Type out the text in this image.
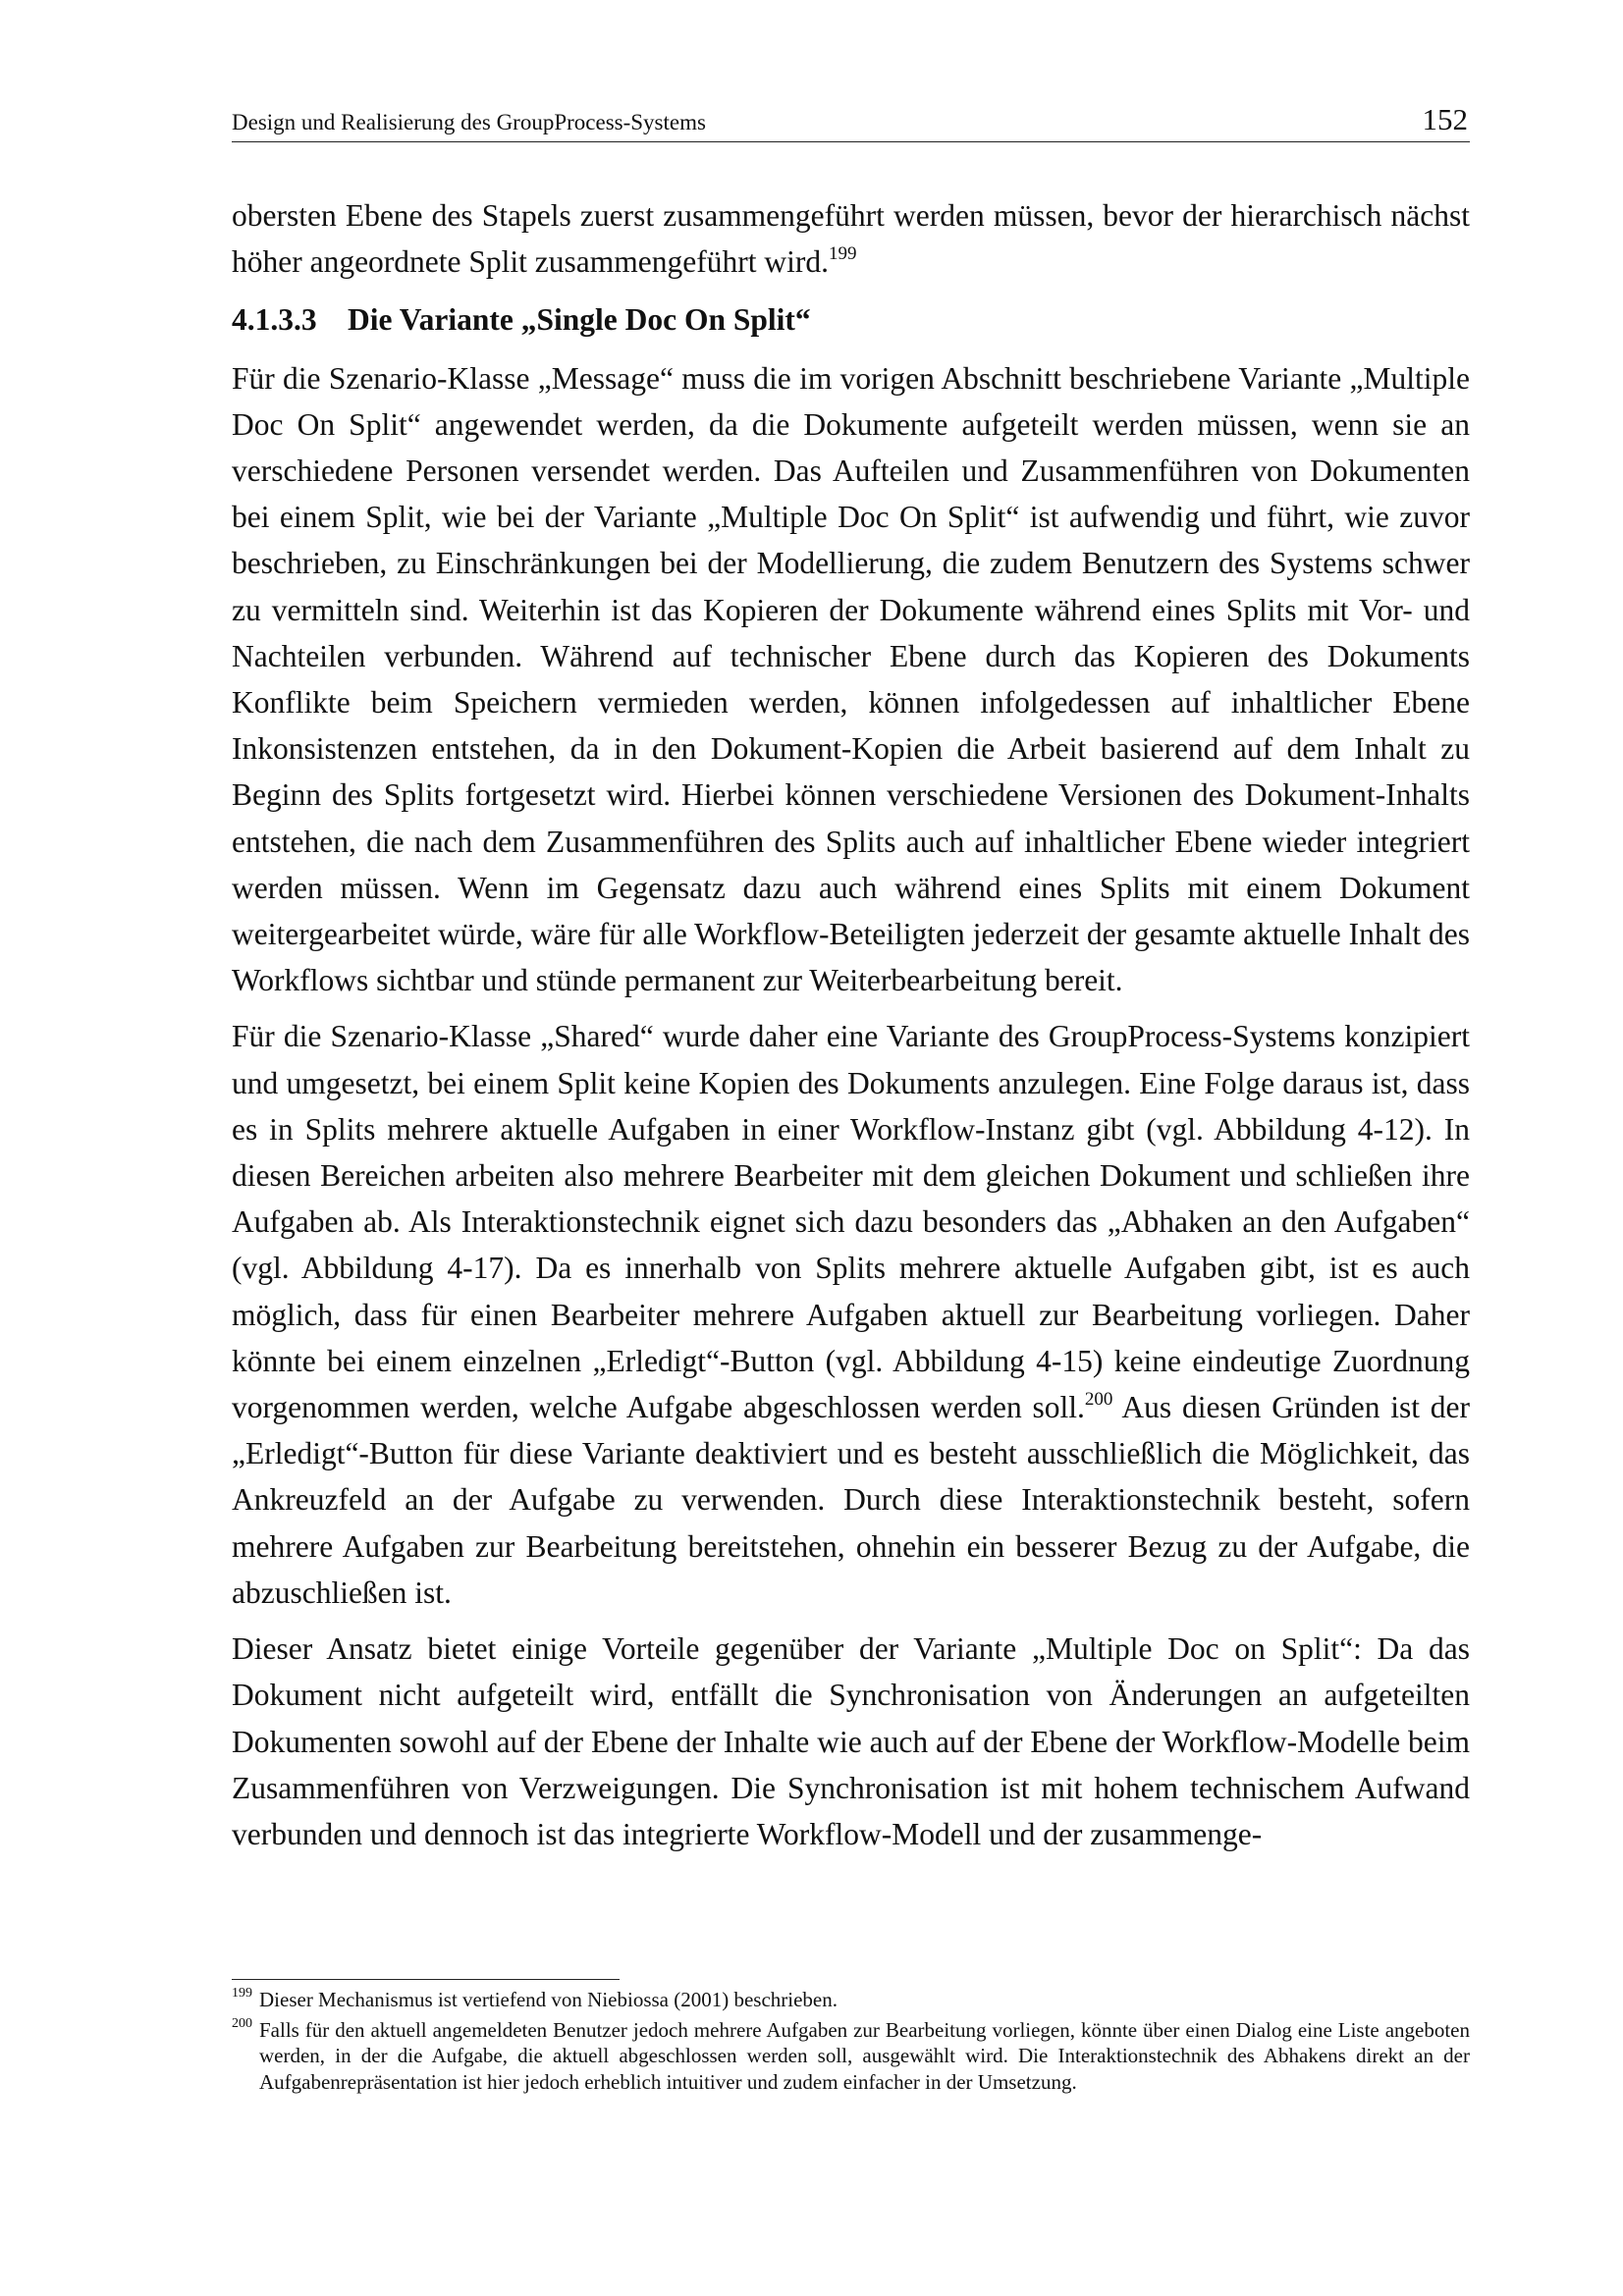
Design und Realisierung des GroupProcess-Systems	152

obersten Ebene des Stapels zuerst zusammengeführt werden müssen, bevor der hierarchisch nächst höher angeordnete Split zusammengeführt wird.$^{199}$

4.1.3.3 Die Variante „Single Doc On Split“

Für die Szenario-Klasse „Message“ muss die im vorigen Abschnitt beschriebene Variante „Multiple Doc On Split“ angewendet werden, da die Dokumente aufgeteilt werden müssen, wenn sie an verschiedene Personen versendet werden. Das Aufteilen und Zusammenführen von Dokumenten bei einem Split, wie bei der Variante „Multiple Doc On Split“ ist aufwendig und führt, wie zuvor beschrieben, zu Einschränkungen bei der Modellierung, die zudem Benutzern des Systems schwer zu vermitteln sind. Weiterhin ist das Kopieren der Dokumente während eines Splits mit Vor- und Nachteilen verbunden. Während auf technischer Ebene durch das Kopieren des Dokuments Konflikte beim Speichern vermieden werden, können infolgedessen auf inhaltlicher Ebene Inkonsistenzen entstehen, da in den Dokument-Kopien die Arbeit basierend auf dem Inhalt zu Beginn des Splits fortgesetzt wird. Hierbei können verschiedene Versionen des Dokument-Inhalts entstehen, die nach dem Zusammenführen des Splits auch auf inhaltlicher Ebene wieder integriert werden müssen. Wenn im Gegensatz dazu auch während eines Splits mit einem Dokument weitergearbeitet würde, wäre für alle Workflow-Beteiligten jederzeit der gesamte aktuelle Inhalt des Workflows sichtbar und stünde permanent zur Weiterbearbeitung bereit.

Für die Szenario-Klasse „Shared“ wurde daher eine Variante des GroupProcess-Systems konzipiert und umgesetzt, bei einem Split keine Kopien des Dokuments anzulegen. Eine Folge daraus ist, dass es in Splits mehrere aktuelle Aufgaben in einer Workflow-Instanz gibt (vgl. Abbildung 4-12). In diesen Bereichen arbeiten also mehrere Bearbeiter mit dem gleichen Dokument und schließen ihre Aufgaben ab. Als Interaktionstechnik eignet sich dazu besonders das „Abhaken an den Aufgaben“ (vgl. Abbildung 4-17). Da es innerhalb von Splits mehrere aktuelle Aufgaben gibt, ist es auch möglich, dass für einen Bearbeiter mehrere Aufgaben aktuell zur Bearbeitung vorliegen. Daher könnte bei einem einzelnen „Erledigt“-Button (vgl. Abbildung 4-15) keine eindeutige Zuordnung vorgenommen werden, welche Aufgabe abgeschlossen werden soll.$^{200}$ Aus diesen Gründen ist der „Erledigt“-Button für diese Variante deaktiviert und es besteht ausschließlich die Möglichkeit, das Ankreuzfeld an der Aufgabe zu verwenden. Durch diese Interaktionstechnik besteht, sofern mehrere Aufgaben zur Bearbeitung bereitstehen, ohnehin ein besserer Bezug zu der Aufgabe, die abzuschließen ist.

Dieser Ansatz bietet einige Vorteile gegenüber der Variante „Multiple Doc on Split“: Da das Dokument nicht aufgeteilt wird, entfällt die Synchronisation von Änderungen an aufgeteilten Dokumenten sowohl auf der Ebene der Inhalte wie auch auf der Ebene der Workflow-Modelle beim Zusammenführen von Verzweigungen. Die Synchronisation ist mit hohem technischem Aufwand verbunden und dennoch ist das integrierte Workflow-Modell und der zusammenge-

199 Dieser Mechanismus ist vertiefend von Niebiossa (2001) beschrieben.

200 Falls für den aktuell angemeldeten Benutzer jedoch mehrere Aufgaben zur Bearbeitung vorliegen, könnte über einen Dialog eine Liste angeboten werden, in der die Aufgabe, die aktuell abgeschlossen werden soll, ausgewählt wird. Die Interaktionstechnik des Abhakens direkt an der Aufgabenrepräsentation ist hier jedoch erheblich intuitiver und zudem einfacher in der Umsetzung.
